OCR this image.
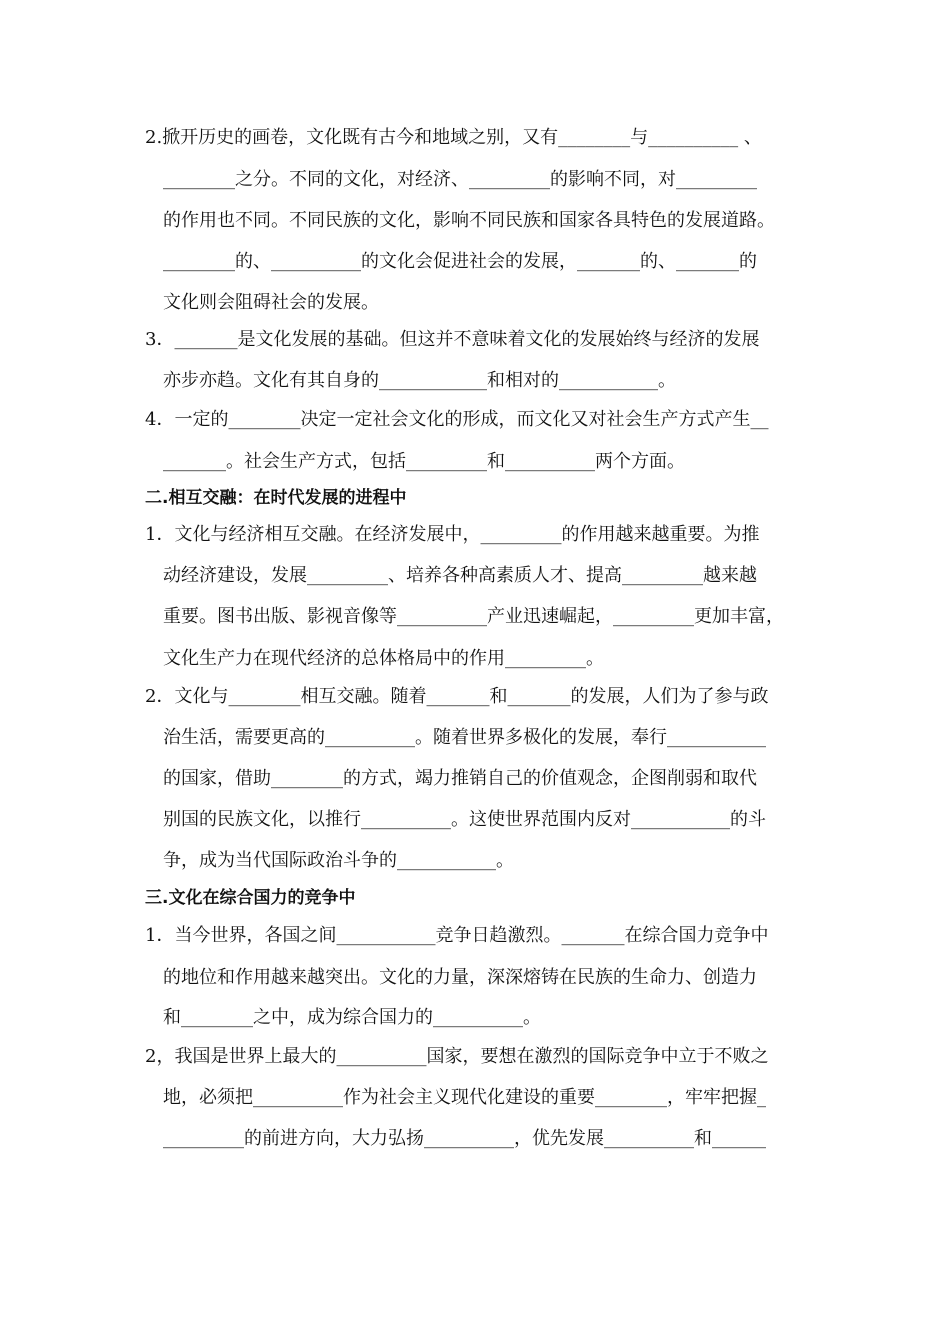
2.掀开历史的画卷，文化既有古今和地域之别，又有________与__________ 、
________之分。不同的文化，对经济、_________的影响不同，对_________
的作用也不同。不同民族的文化，影响不同民族和国家各具特色的发展道路。
________的、__________的文化会促进社会的发展，_______的、_______的
文化则会阻碍社会的发展。
3．_______是文化发展的基础。但这并不意味着文化的发展始终与经济的发展
亦步亦趋。文化有其自身的____________和相对的___________。
4．一定的________决定一定社会文化的形成，而文化又对社会生产方式产生__
_______。社会生产方式，包括_________和__________两个方面。
二.相互交融：在时代发展的进程中
1．文化与经济相互交融。在经济发展中，_________的作用越来越重要。为推
动经济建设，发展_________、培养各种高素质人才、提高_________越来越
重要。图书出版、影视音像等__________产业迅速崛起，_________更加丰富，
文化生产力在现代经济的总体格局中的作用_________。
2．文化与________相互交融。随着_______和_______的发展，人们为了参与政
治生活，需要更高的__________。随着世界多极化的发展，奉行___________
的国家，借助________的方式，竭力推销自己的价值观念，企图削弱和取代
别国的民族文化，以推行__________。这使世界范围内反对___________的斗
争，成为当代国际政治斗争的___________。
三.文化在综合国力的竞争中
1．当今世界，各国之间___________竞争日趋激烈。_______在综合国力竞争中
的地位和作用越来越突出。文化的力量，深深熔铸在民族的生命力、创造力
和________之中，成为综合国力的__________。
2，我国是世界上最大的__________国家，要想在激烈的国际竞争中立于不败之
地，必须把__________作为社会主义现代化建设的重要________，牢牢把握_
_________的前进方向，大力弘扬__________，优先发展__________和______
